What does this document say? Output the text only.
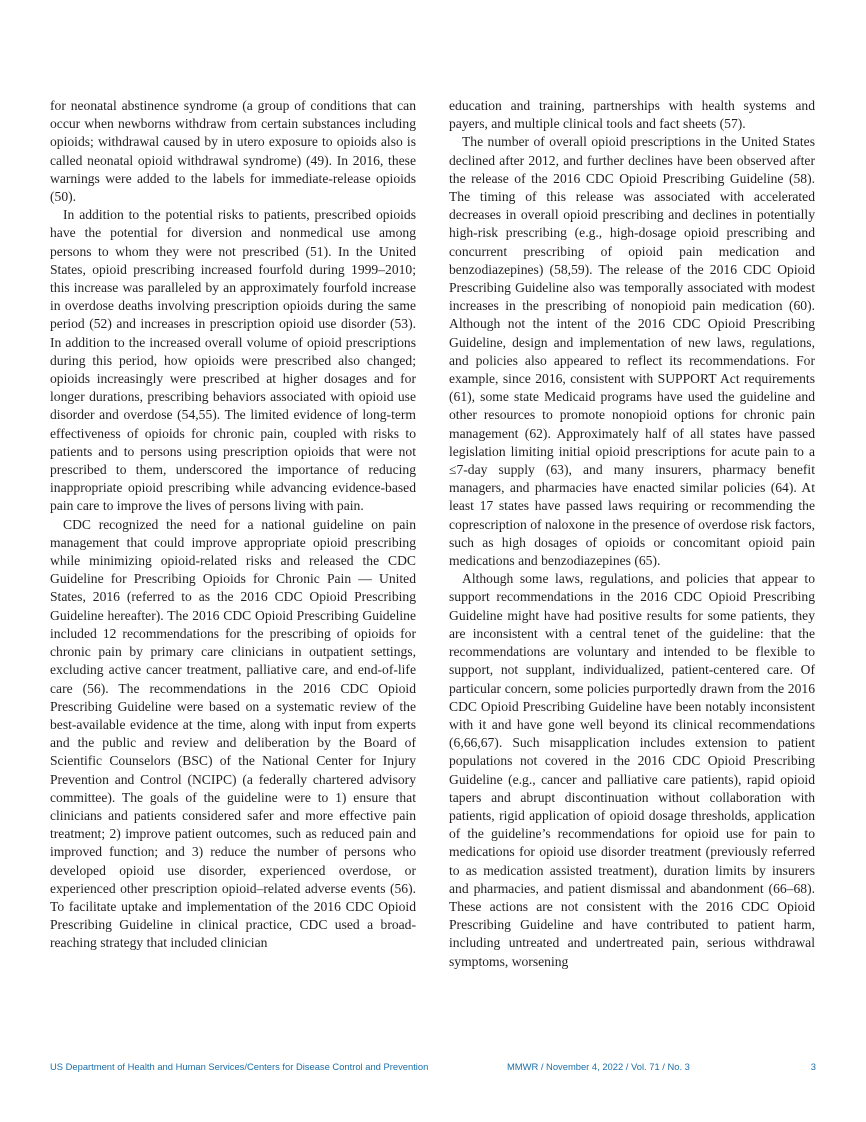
for neonatal abstinence syndrome (a group of conditions that can occur when newborns withdraw from certain substances including opioids; withdrawal caused by in utero exposure to opioids also is called neonatal opioid withdrawal syndrome) (49). In 2016, these warnings were added to the labels for immediate-release opioids (50).

In addition to the potential risks to patients, prescribed opioids have the potential for diversion and nonmedical use among persons to whom they were not prescribed (51). In the United States, opioid prescribing increased fourfold during 1999–2010; this increase was paralleled by an approximately fourfold increase in overdose deaths involving prescription opioids during the same period (52) and increases in prescription opioid use disorder (53). In addition to the increased overall volume of opioid prescriptions during this period, how opioids were prescribed also changed; opioids increasingly were prescribed at higher dosages and for longer durations, prescribing behaviors associated with opioid use disorder and overdose (54,55). The limited evidence of long-term effectiveness of opioids for chronic pain, coupled with risks to patients and to persons using prescription opioids that were not prescribed to them, underscored the importance of reducing inappropriate opioid prescribing while advancing evidence-based pain care to improve the lives of persons living with pain.

CDC recognized the need for a national guideline on pain management that could improve appropriate opioid prescribing while minimizing opioid-related risks and released the CDC Guideline for Prescribing Opioids for Chronic Pain — United States, 2016 (referred to as the 2016 CDC Opioid Prescribing Guideline hereafter). The 2016 CDC Opioid Prescribing Guideline included 12 recommendations for the prescribing of opioids for chronic pain by primary care clinicians in outpatient settings, excluding active cancer treatment, palliative care, and end-of-life care (56). The recommendations in the 2016 CDC Opioid Prescribing Guideline were based on a systematic review of the best-available evidence at the time, along with input from experts and the public and review and deliberation by the Board of Scientific Counselors (BSC) of the National Center for Injury Prevention and Control (NCIPC) (a federally chartered advisory committee). The goals of the guideline were to 1) ensure that clinicians and patients considered safer and more effective pain treatment; 2) improve patient outcomes, such as reduced pain and improved function; and 3) reduce the number of persons who developed opioid use disorder, experienced overdose, or experienced other prescription opioid–related adverse events (56). To facilitate uptake and implementation of the 2016 CDC Opioid Prescribing Guideline in clinical practice, CDC used a broad-reaching strategy that included clinician

education and training, partnerships with health systems and payers, and multiple clinical tools and fact sheets (57).

The number of overall opioid prescriptions in the United States declined after 2012, and further declines have been observed after the release of the 2016 CDC Opioid Prescribing Guideline (58). The timing of this release was associated with accelerated decreases in overall opioid prescribing and declines in potentially high-risk prescribing (e.g., high-dosage opioid prescribing and concurrent prescribing of opioid pain medication and benzodiazepines) (58,59). The release of the 2016 CDC Opioid Prescribing Guideline also was temporally associated with modest increases in the prescribing of nonopioid pain medication (60). Although not the intent of the 2016 CDC Opioid Prescribing Guideline, design and implementation of new laws, regulations, and policies also appeared to reflect its recommendations. For example, since 2016, consistent with SUPPORT Act requirements (61), some state Medicaid programs have used the guideline and other resources to promote nonopioid options for chronic pain management (62). Approximately half of all states have passed legislation limiting initial opioid prescriptions for acute pain to a ≤7-day supply (63), and many insurers, pharmacy benefit managers, and pharmacies have enacted similar policies (64). At least 17 states have passed laws requiring or recommending the coprescription of naloxone in the presence of overdose risk factors, such as high dosages of opioids or concomitant opioid pain medications and benzodiazepines (65).

Although some laws, regulations, and policies that appear to support recommendations in the 2016 CDC Opioid Prescribing Guideline might have had positive results for some patients, they are inconsistent with a central tenet of the guideline: that the recommendations are voluntary and intended to be flexible to support, not supplant, individualized, patient-centered care. Of particular concern, some policies purportedly drawn from the 2016 CDC Opioid Prescribing Guideline have been notably inconsistent with it and have gone well beyond its clinical recommendations (6,66,67). Such misapplication includes extension to patient populations not covered in the 2016 CDC Opioid Prescribing Guideline (e.g., cancer and palliative care patients), rapid opioid tapers and abrupt discontinuation without collaboration with patients, rigid application of opioid dosage thresholds, application of the guideline’s recommendations for opioid use for pain to medications for opioid use disorder treatment (previously referred to as medication assisted treatment), duration limits by insurers and pharmacies, and patient dismissal and abandonment (66–68). These actions are not consistent with the 2016 CDC Opioid Prescribing Guideline and have contributed to patient harm, including untreated and undertreated pain, serious withdrawal symptoms, worsening

US Department of Health and Human Services/Centers for Disease Control and Prevention	MMWR / November 4, 2022 / Vol. 71 / No. 3	3
